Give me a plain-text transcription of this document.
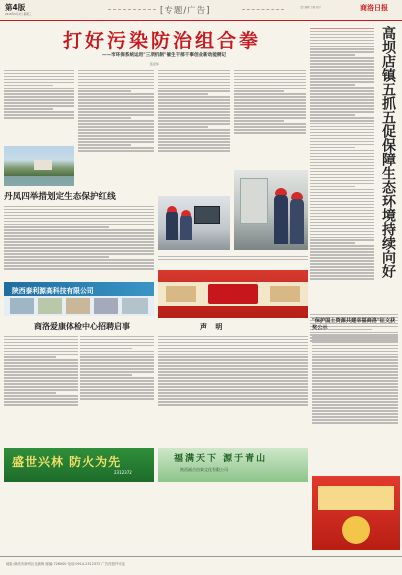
第4版
2018年5月2日 星期三	[专题/广告]	责任编辑 美编 校对	商洛日报
打好污染防治组合拳
——市环保系统运用"三项机制"催生干部干事创业新动能侧记
张启华	高坝店镇五抓五促保障生态环境持续向好
丹凤四举措划定生态保护红线
陕西泰利源高科技有限公司
商洛爱康体检中心招聘启事	声 明
"保护国土资源共建幸福商洛"征文获奖公示
盛世兴林 防火为先
2312372
福满天下 源于青山
陕西福吉由泰文化有限公司
地址:商洛市商州区北新街 邮编:726000 电话:0914-2312372 广告经营许可证
